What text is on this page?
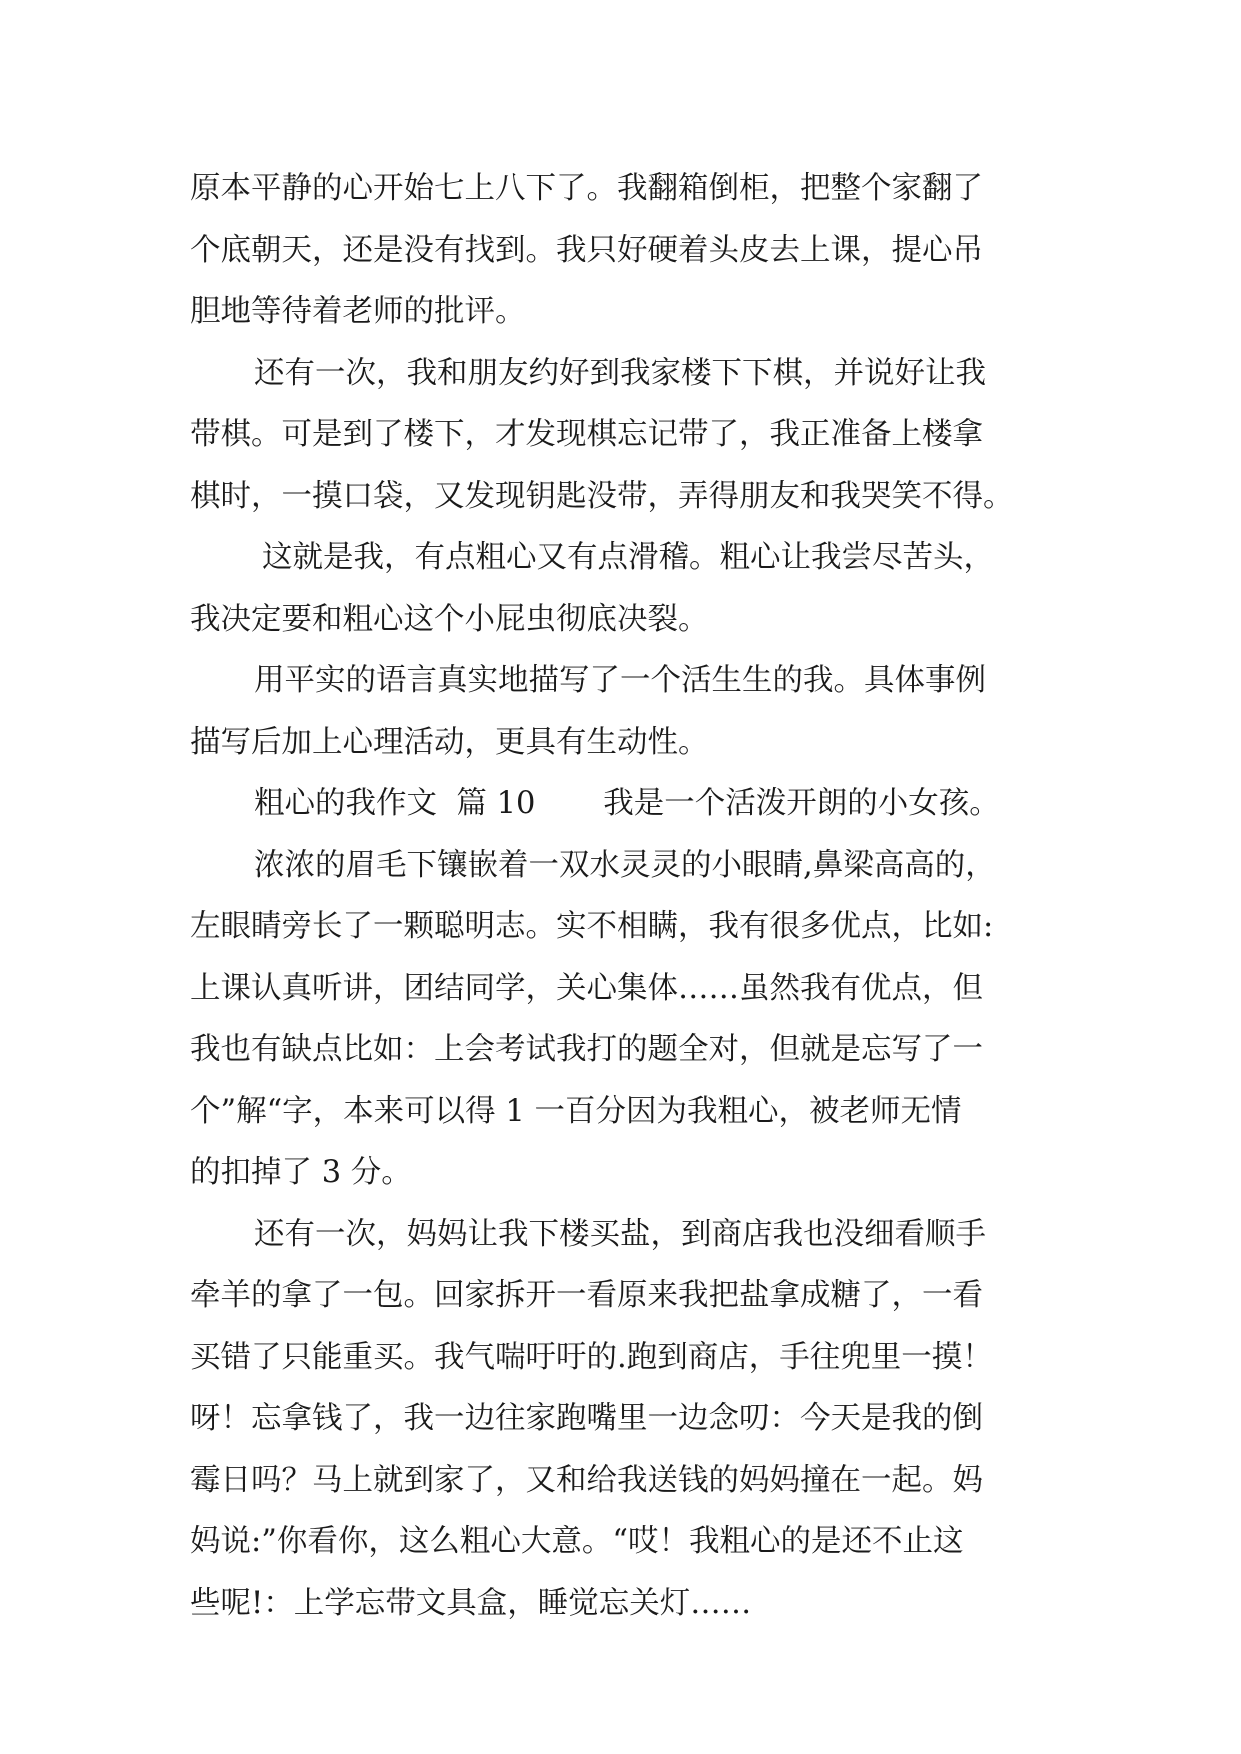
原本平静的心开始七上八下了。我翻箱倒柜，把整个家翻了
个底朝天，还是没有找到。我只好硬着头皮去上课，提心吊
胆地等待着老师的批评。
还有一次，我和朋友约好到我家楼下下棋，并说好让我
带棋。可是到了楼下，才发现棋忘记带了，我正准备上楼拿
棋时，一摸口袋，又发现钥匙没带，弄得朋友和我哭笑不得。
这就是我，有点粗心又有点滑稽。粗心让我尝尽苦头，
我决定要和粗心这个小屁虫彻底决裂。
用平实的语言真实地描写了一个活生生的我。具体事例
描写后加上心理活动，更具有生动性。
粗心的我作文  篇 10       我是一个活泼开朗的小女孩。
浓浓的眉毛下镶嵌着一双水灵灵的小眼睛,鼻梁高高的，
左眼睛旁长了一颗聪明志。实不相瞒，我有很多优点，比如:
上课认真听讲，团结同学，关心集体……虽然我有优点，但
我也有缺点比如：上会考试我打的题全对，但就是忘写了一
个”解“字，本来可以得 1 一百分因为我粗心，被老师无情
的扣掉了 3 分。
还有一次，妈妈让我下楼买盐，到商店我也没细看顺手
牵羊的拿了一包。回家拆开一看原来我把盐拿成糖了，一看
买错了只能重买。我气喘吁吁的.跑到商店，手往兜里一摸！
呀！忘拿钱了，我一边往家跑嘴里一边念叨：今天是我的倒
霉日吗？马上就到家了，又和给我送钱的妈妈撞在一起。妈
妈说:”你看你，这么粗心大意。“哎！我粗心的是还不止这
些呢!：上学忘带文具盒，睡觉忘关灯……
